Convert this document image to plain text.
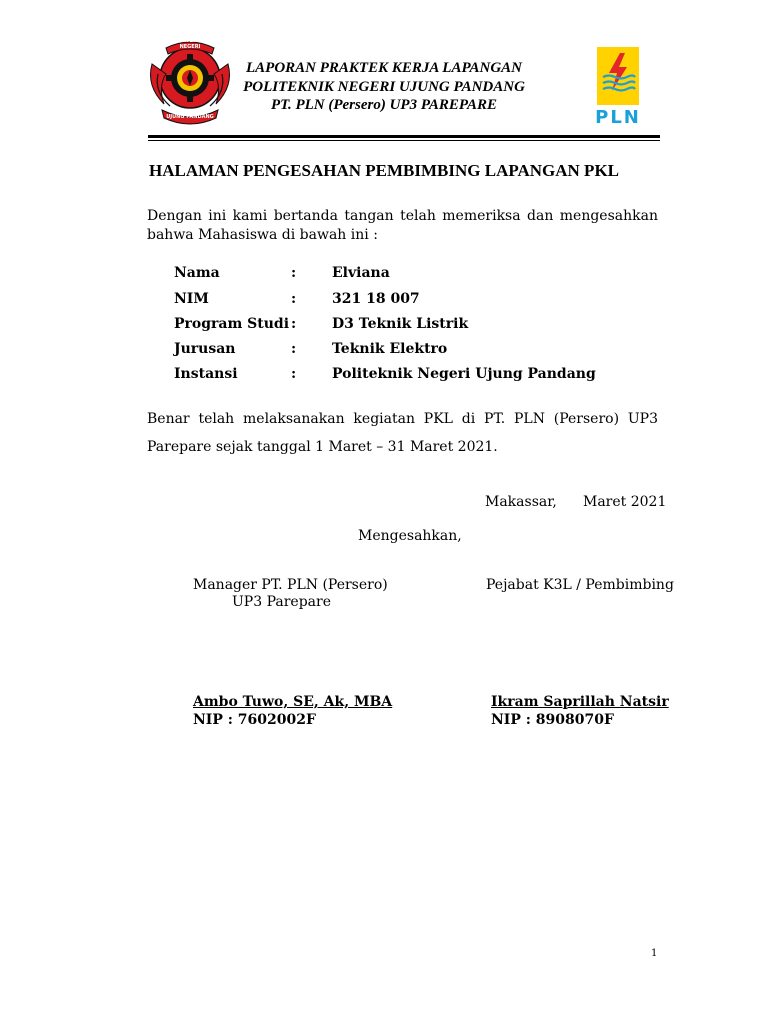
POLITEKNIK NEGERI
UJUNG PANDANG
LAPORAN PRAKTEK KERJA LAPANGAN
POLITEKNIK NEGERI UJUNG PANDANG
PT. PLN (Persero) UP3 PAREPARE
PLN
HALAMAN PENGESAHAN PEMBIMBING LAPANGAN PKL
Dengan ini kami bertanda tangan telah memeriksa dan mengesahkan bahwa Mahasiswa di bawah ini :
Nama	:	Elviana
NIM	:	321 18 007
Program Studi :	D3 Teknik Listrik
Jurusan	:	Teknik Elektro
Instansi	:	Politeknik Negeri Ujung Pandang
Benar telah melaksanakan kegiatan PKL di PT. PLN (Persero) UP3 Parepare sejak tanggal 1 Maret – 31 Maret 2021.
Makassar, Maret 2021
Mengesahkan,
Manager PT. PLN (Persero)
UP3 Parepare
Ambo Tuwo, SE, Ak, MBA
NIP : 7602002F
Pejabat K3L / Pembimbing
Ikram Saprillah Natsir
NIP : 8908070F
1
